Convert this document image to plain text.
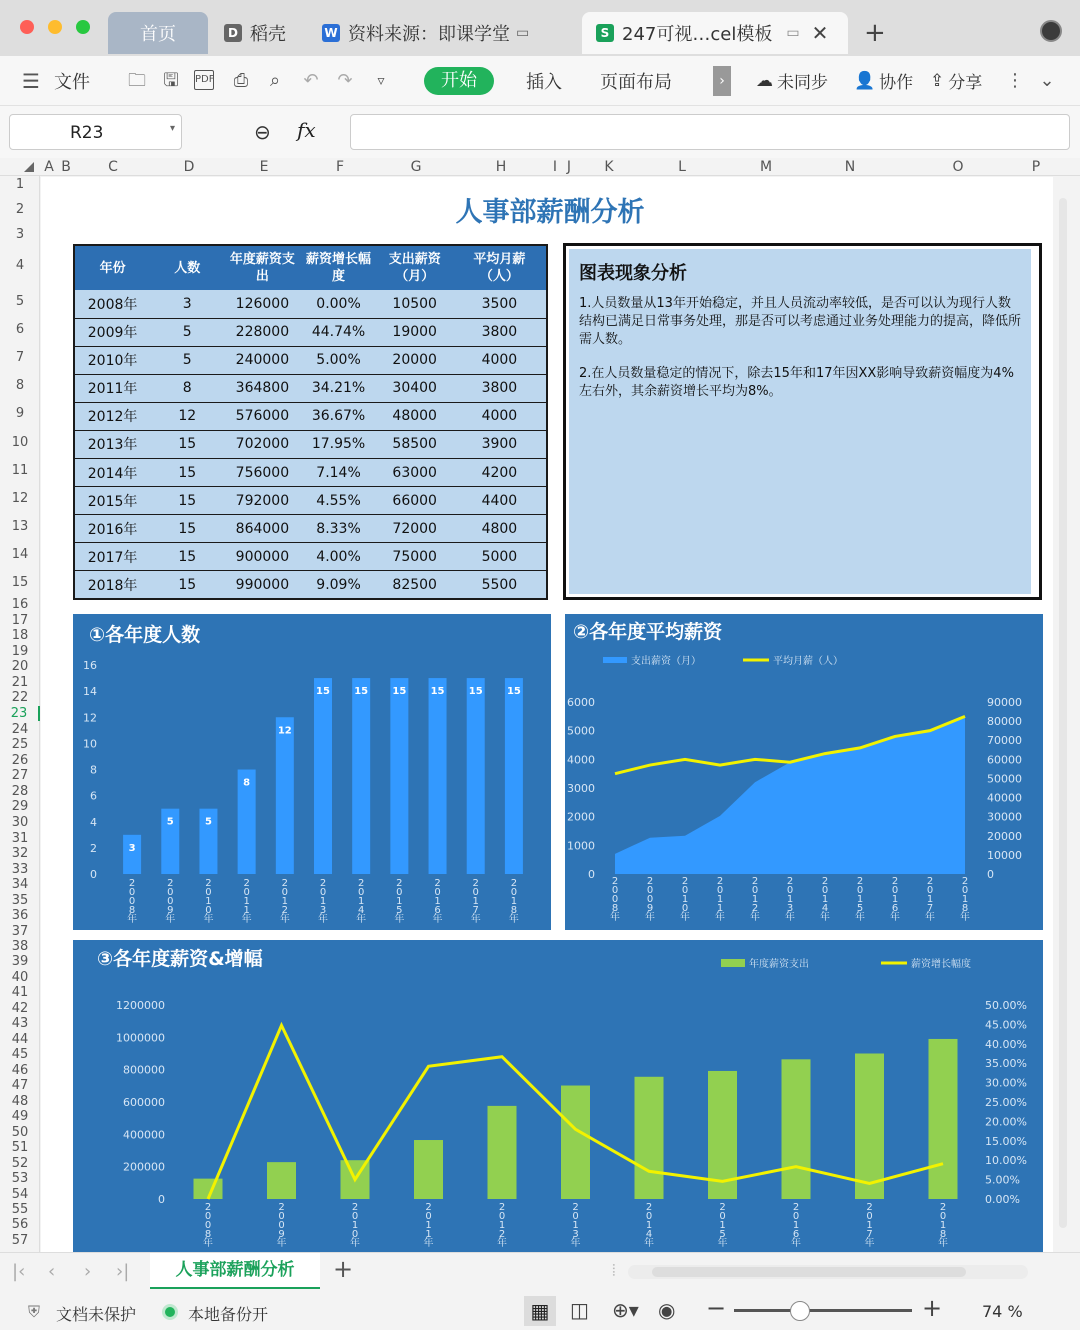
首页	D 稻壳	W 资料来源：即课学堂 ▭	S 247可视…cel模板 ▭ ✕ +
☰ 文件 🗀 🖫	PDF ⎙	⌕	↶ ↷	▿	开始	插入 页面布局	›	☁ 未同步 👤 协作 ⇪ 分享 ⋮ ⌄
R23	▾	⊖ fx
A B	C	D	E	F	G	H	I J	K	L	M	N	O	P
1
2
3
4
5
6
7
8
9
10
11
12
13
14
15
16
17
18
19
20
21
22
23
24
25
26
27
28
29
30
31
32
33
34
35
36
37
38
39
40
41
42
43
44
45
46
47
48
49
50
51
52
53
54
55
56
57
人事部薪酬分析
年份	人数	年度薪资支出	薪资增长幅度	支出薪资（月）	平均月薪（人）
2008年	3	126000	0.00%	10500	3500
2009年	5	228000	44.74%	19000	3800
2010年	5	240000	5.00%	20000	4000
2011年	8	364800	34.21%	30400	3800
2012年	12	576000	36.67%	48000	4000
2013年	15	702000	17.95%	58500	3900
2014年	15	756000	7.14%	63000	4200
2015年	15	792000	4.55%	66000	4400
2016年	15	864000	8.33%	72000	4800
2017年	15	900000	4.00%	75000	5000
2018年	15	990000	9.09%	82500	5500
图表现象分析

1.人员数量从13年开始稳定，并且人员流动率较低，是否可以认为现行人数结构已满足日常事务处理，那是否可以考虑通过业务处理能力的提高，降低所需人数。

2.在人员数量稳定的情况下，除去15年和17年因XX影响导致薪资幅度为4%左右外，其余薪资增长平均为8%。

①各年度人数
0
2
4
6
8
10
12
14
16
3
2 0 0 8 年
5
2 0 0 9 年
5
2 0 1 0 年
8
2 0 1 1 年
12
2 0 1 2 年
15
2 0 1 3 年
15
2 0 1 4 年
15
2 0 1 5 年
15
2 0 1 6 年
15
2 0 1 7 年
15
2 0 1 8 年
②各年度平均薪资
0
1000
2000
3000
4000
5000
6000
0
10000
20000
30000
40000
50000
60000
70000
80000
90000
2 0 0 8 年
2 0 0 9 年
2 0 1 0 年
2 0 1 1 年
2 0 1 2 年
2 0 1 3 年
2 0 1 4 年
2 0 1 5 年
2 0 1 6 年
2 0 1 7 年
2 0 1 8 年
支出薪资（月）	平均月薪（人）
③各年度薪资&增幅
0
200000
400000
600000
800000
1000000
1200000
0.00%
5.00%
10.00%
15.00%
20.00%
25.00%
30.00%
35.00%
40.00%
45.00%
50.00%
2 0 0 8 年
2 0 0 9 年
2 0 1 0 年
2 0 1 1 年
2 0 1 2 年
2 0 1 3 年
2 0 1 4 年
2 0 1 5 年
2 0 1 6 年
2 0 1 7 年
2 0 1 8 年
年度薪资支出	薪资增长幅度
|‹ ‹ › ›|	人事部薪酬分析	+	⦙
⛨ 文档未保护	本地备份开	▦	◫ ⊕▾ ◉ −	+ 74 %
